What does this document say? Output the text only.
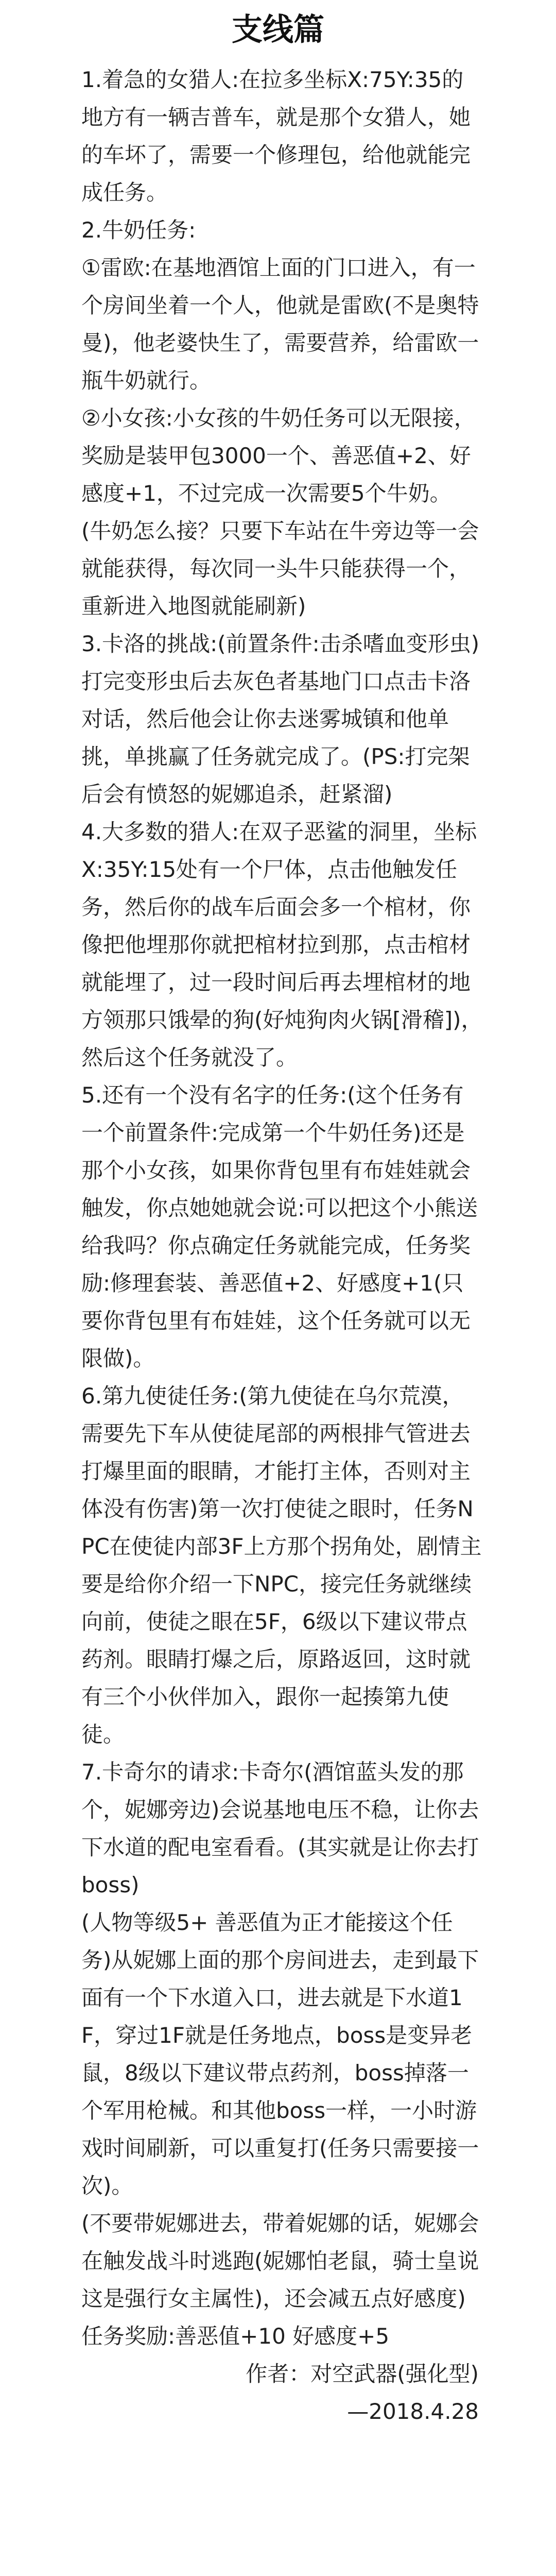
支线篇

1.着急的女猎人:在拉多坐标X:75Y:35的地方有一辆吉普车，就是那个女猎人，她的车坏了，需要一个修理包，给他就能完成任务。

2.牛奶任务:

①雷欧:在基地酒馆上面的门口进入，有一个房间坐着一个人，他就是雷欧(不是奥特曼)，他老婆快生了，需要营养，给雷欧一瓶牛奶就行。

②小女孩:小女孩的牛奶任务可以无限接，奖励是装甲包3000一个、善恶值+2、好感度+1，不过完成一次需要5个牛奶。

(牛奶怎么接？只要下车站在牛旁边等一会就能获得，每次同一头牛只能获得一个，重新进入地图就能刷新)

3.卡洛的挑战:(前置条件:击杀嗜血变形虫)打完变形虫后去灰色者基地门口点击卡洛对话，然后他会让你去迷雾城镇和他单挑，单挑赢了任务就完成了。(PS:打完架后会有愤怒的妮娜追杀，赶紧溜)

4.大多数的猎人:在双子恶鲨的洞里，坐标X:35Y:15处有一个尸体，点击他触发任务，然后你的战车后面会多一个棺材，你像把他埋那你就把棺材拉到那，点击棺材就能埋了，过一段时间后再去埋棺材的地方领那只饿晕的狗(好炖狗肉火锅[滑稽])，然后这个任务就没了。

5.还有一个没有名字的任务:(这个任务有一个前置条件:完成第一个牛奶任务)还是那个小女孩，如果你背包里有布娃娃就会触发，你点她她就会说:可以把这个小熊送给我吗？你点确定任务就能完成，任务奖励:修理套装、善恶值+2、好感度+1(只要你背包里有布娃娃，这个任务就可以无限做)。

6.第九使徒任务:(第九使徒在乌尔荒漠，需要先下车从使徒尾部的两根排气管进去打爆里面的眼睛，才能打主体，否则对主体没有伤害)第一次打使徒之眼时，任务NPC在使徒内部3F上方那个拐角处，剧情主要是给你介绍一下NPC，接完任务就继续向前，使徒之眼在5F，6级以下建议带点药剂。眼睛打爆之后，原路返回，这时就有三个小伙伴加入，跟你一起揍第九使徒。

7.卡奇尔的请求:卡奇尔(酒馆蓝头发的那个，妮娜旁边)会说基地电压不稳，让你去下水道的配电室看看。(其实就是让你去打boss)

(人物等级5+ 善恶值为正才能接这个任务)从妮娜上面的那个房间进去，走到最下面有一个下水道入口，进去就是下水道1F，穿过1F就是任务地点，boss是变异老鼠，8级以下建议带点药剂，boss掉落一个军用枪械。和其他boss一样，一小时游戏时间刷新，可以重复打(任务只需要接一次)。

(不要带妮娜进去，带着妮娜的话，妮娜会在触发战斗时逃跑(妮娜怕老鼠，骑士皇说这是强行女主属性)，还会减五点好感度)

任务奖励:善恶值+10 好感度+5

作者：对空武器(强化型)

—2018.4.28
